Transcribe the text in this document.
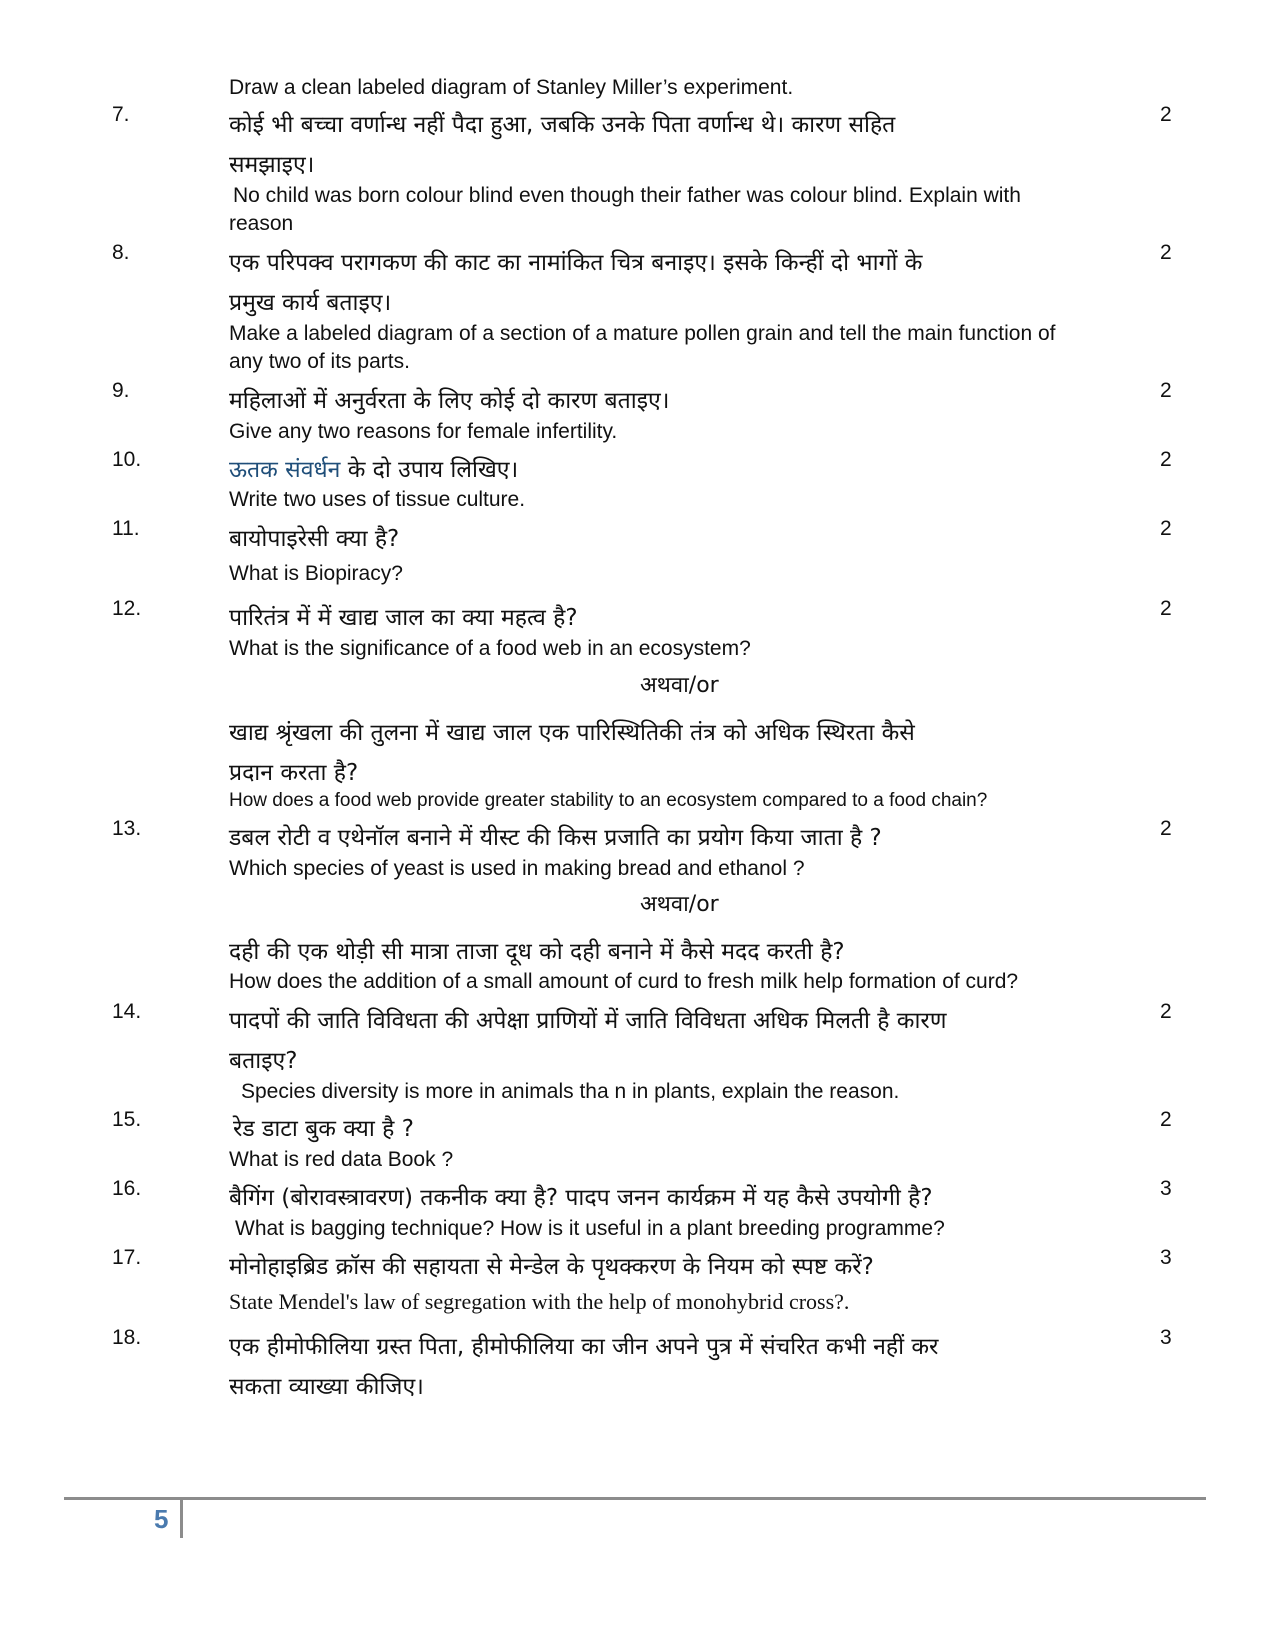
7.
8.
9.
10.
11.
12.
13.
14.
15.
16.
17.
18.
2
2
2
2
2
2
2
2
2
3
3
3
Draw a clean labeled diagram of Stanley Miller’s experiment.
कोई भी बच्चा वर्णान्ध नहीं पैदा हुआ, जबकि उनके पिता वर्णान्ध थे। कारण सहित
समझाइए।
No child was born colour blind even though their father was colour blind. Explain with
reason
एक परिपक्व परागकण की काट का नामांकित चित्र बनाइए। इसके किन्हीं दो भागों के
प्रमुख कार्य बताइए।
Make a labeled diagram of a section of a mature pollen grain and tell the main function of
any two of its parts.
महिलाओं में अनुर्वरता के लिए कोई दो कारण बताइए।
Give any two reasons for female infertility.
ऊतक संवर्धन के दो उपाय लिखिए।
Write two uses of tissue culture.
बायोपाइरेसी क्या है?
What is Biopiracy?
पारितंत्र में में खाद्य जाल का क्या महत्व है?
What is the significance of a food web in an ecosystem?
अथवा/or
खाद्य श्रृंखला की तुलना में खाद्य जाल एक पारिस्थितिकी तंत्र को अधिक स्थिरता कैसे
प्रदान करता है?
How does a food web provide greater stability to an ecosystem compared to a food chain?
डबल रोटी व एथेनॉल बनाने में यीस्ट की किस प्रजाति का प्रयोग किया जाता है ?
Which species of yeast is used in making bread and ethanol ?
अथवा/or
दही की एक थोड़ी सी मात्रा ताजा दूध को दही बनाने में कैसे मदद करती है?
How does the addition of a small amount of curd to fresh milk help formation of curd?
पादपों की जाति विविधता की अपेक्षा प्राणियों में जाति विविधता अधिक मिलती है कारण
बताइए?
Species diversity is more in animals tha n in plants, explain the reason.
रेड डाटा बुक क्या है ?
What is red data Book ?
बैगिंग (बोरावस्त्रावरण) तकनीक क्या है? पादप जनन कार्यक्रम में यह कैसे उपयोगी है?
What is bagging technique? How is it useful in a plant breeding programme?
मोनोहाइब्रिड क्रॉस की सहायता से मेन्डेल के पृथक्करण के नियम को स्पष्ट करें?
State Mendel's law of segregation with the help of monohybrid cross?.
एक हीमोफीलिया ग्रस्त पिता, हीमोफीलिया का जीन अपने पुत्र में संचरित कभी नहीं कर
सकता व्याख्या कीजिए।
5
